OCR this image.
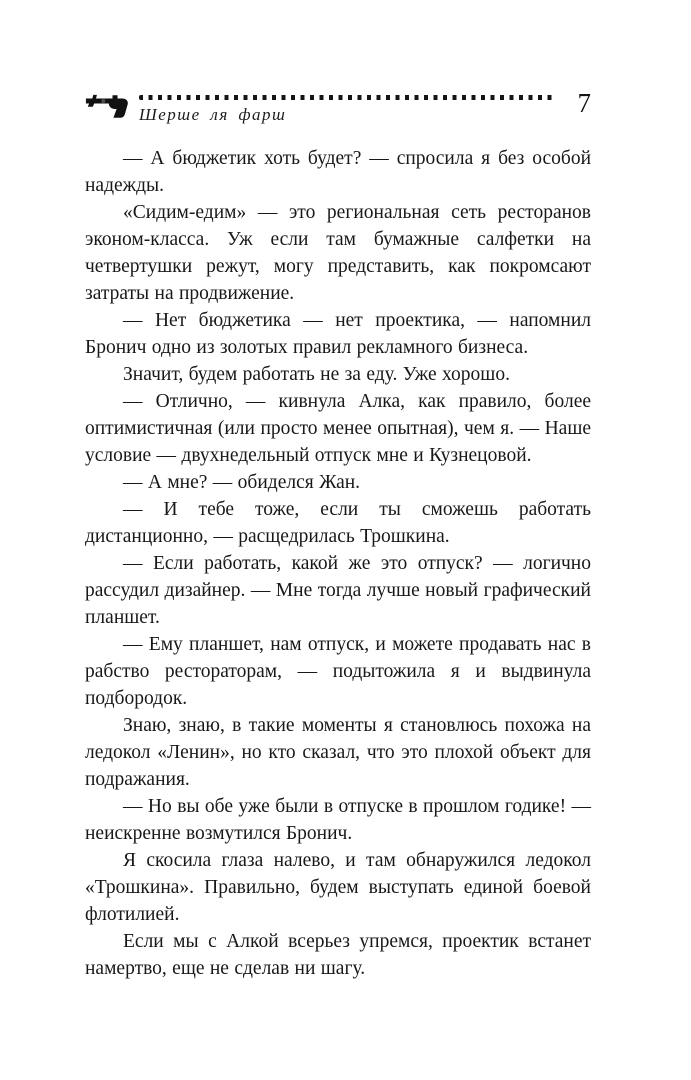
Шерше ля фарш	7

— А бюджетик хоть будет? — спросила я без особой надежды.

«Сидим-едим» — это региональная сеть ресторанов эконом-класса. Уж если там бумажные салфетки на четвертушки режут, могу представить, как покромсают затраты на продвижение.

— Нет бюджетика — нет проектика, — напомнил Бронич одно из золотых правил рекламного бизнеса.

Значит, будем работать не за еду. Уже хорошо.

— Отлично, — кивнула Алка, как правило, более оптимистичная (или просто менее опытная), чем я. — Наше условие — двухнедельный отпуск мне и Кузнецовой.

— А мне? — обиделся Жан.

— И тебе тоже, если ты сможешь работать дистанционно, — расщедрилась Трошкина.

— Если работать, какой же это отпуск? — логично рассудил дизайнер. — Мне тогда лучше новый графический планшет.

— Ему планшет, нам отпуск, и можете продавать нас в рабство рестораторам, — подытожила я и выдвинула подбородок.

Знаю, знаю, в такие моменты я становлюсь похожа на ледокол «Ленин», но кто сказал, что это плохой объект для подражания.

— Но вы обе уже были в отпуске в прошлом годике! — неискренне возмутился Бронич.

Я скосила глаза налево, и там обнаружился ледокол «Трошкина». Правильно, будем выступать единой боевой флотилией.

Если мы с Алкой всерьез упремся, проектик встанет намертво, еще не сделав ни шагу.
